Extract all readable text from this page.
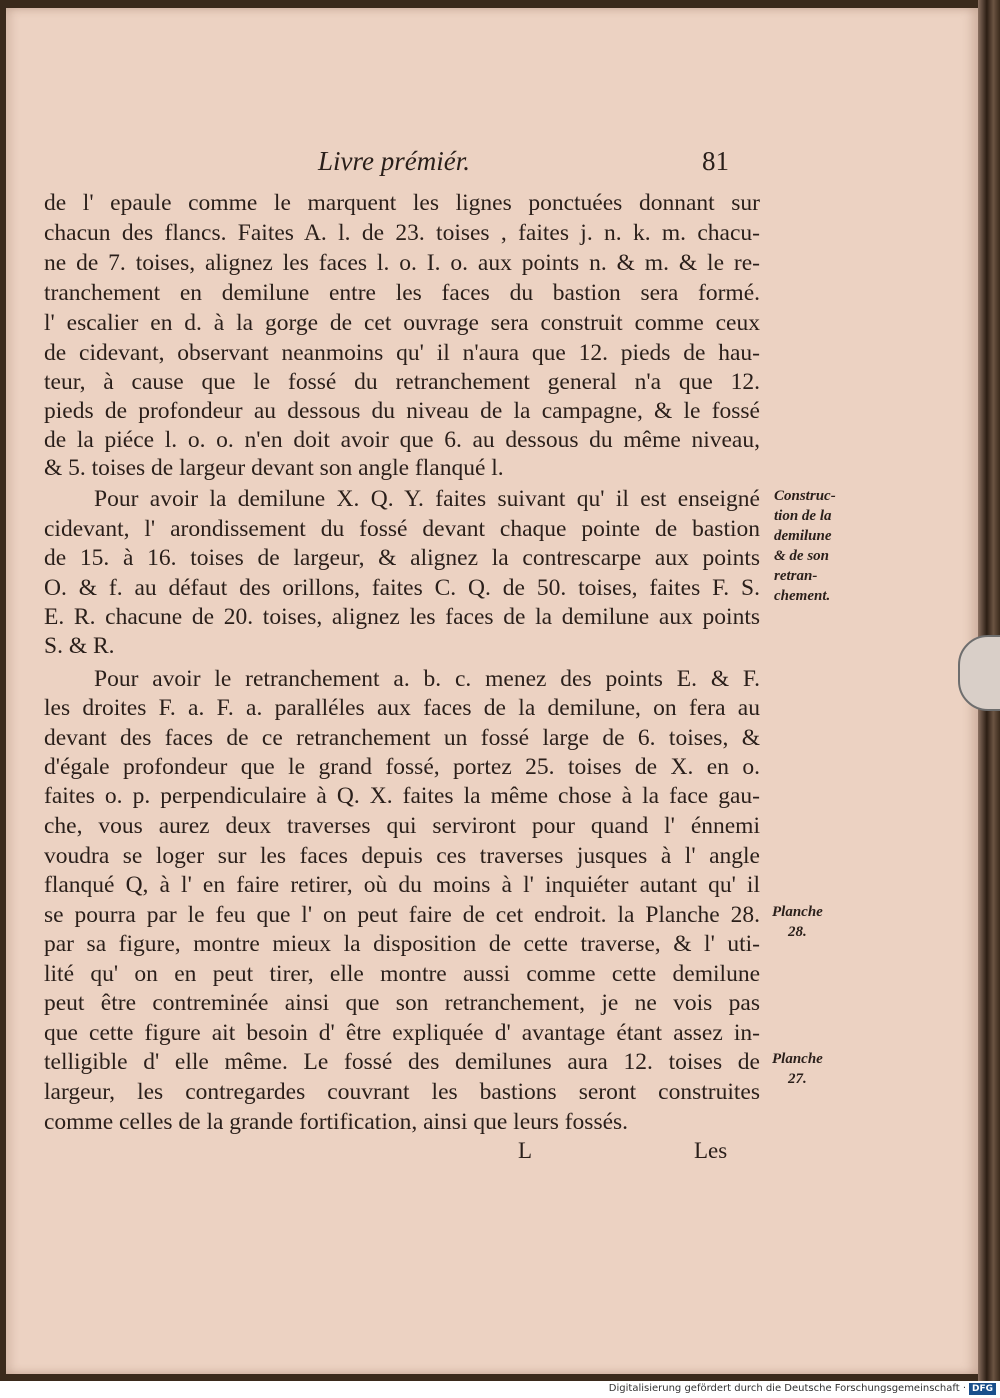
Livre prémiér.	81
de l' epaule comme le marquent les lignes ponctuées donnant sur
chacun des flancs. Faites A. l. de 23. toises , faites j. n. k. m. chacu-
ne de 7. toises, alignez les faces l. o. I. o. aux points n. & m. & le re-
tranchement en demilune entre les faces du bastion sera formé.
l' escalier en d. à la gorge de cet ouvrage sera construit comme ceux
de cidevant, observant neanmoins qu' il n'aura que 12. pieds de hau-
teur, à cause que le fossé du retranchement general n'a que 12.
pieds de profondeur au dessous du niveau de la campagne, & le fossé
de la piéce l. o. o. n'en doit avoir que 6. au dessous du même niveau,
& 5. toises de largeur devant son angle flanqué l.
Pour avoir la demilune X. Q. Y. faites suivant qu' il est enseigné
cidevant, l' arondissement du fossé devant chaque pointe de bastion
de 15. à 16. toises de largeur, & alignez la contrescarpe aux points
O. & f. au défaut des orillons, faites C. Q. de 50. toises, faites F. S.
E. R. chacune de 20. toises, alignez les faces de la demilune aux points
S. & R.
Pour avoir le retranchement a. b. c. menez des points E. & F.
les droites F. a. F. a. paralléles aux faces de la demilune, on fera au
devant des faces de ce retranchement un fossé large de 6. toises, &
d'égale profondeur que le grand fossé, portez 25. toises de X. en o.
faites o. p. perpendiculaire à Q. X. faites la même chose à la face gau-
che, vous aurez deux traverses qui serviront pour quand l' énnemi
voudra se loger sur les faces depuis ces traverses jusques à l' angle
flanqué Q, à l' en faire retirer, où du moins à l' inquiéter autant qu' il
se pourra par le feu que l' on peut faire de cet endroit. la Planche 28.
par sa figure, montre mieux la disposition de cette traverse, & l' uti-
lité qu' on en peut tirer, elle montre aussi comme cette demilune
peut être contreminée ainsi que son retranchement, je ne vois pas
que cette figure ait besoin d' être expliquée d' avantage étant assez in-
telligible d' elle même. Le fossé des demilunes aura 12. toises de
largeur, les contregardes couvrant les bastions seront construites
comme celles de la grande fortification, ainsi que leurs fossés.
Construc-
tion de la
demilune
& de son
retran-
chement.
Planche
28.
Planche
27.
L	Les
Digitalisierung gefördert durch die Deutsche Forschungsgemeinschaft · DFG
